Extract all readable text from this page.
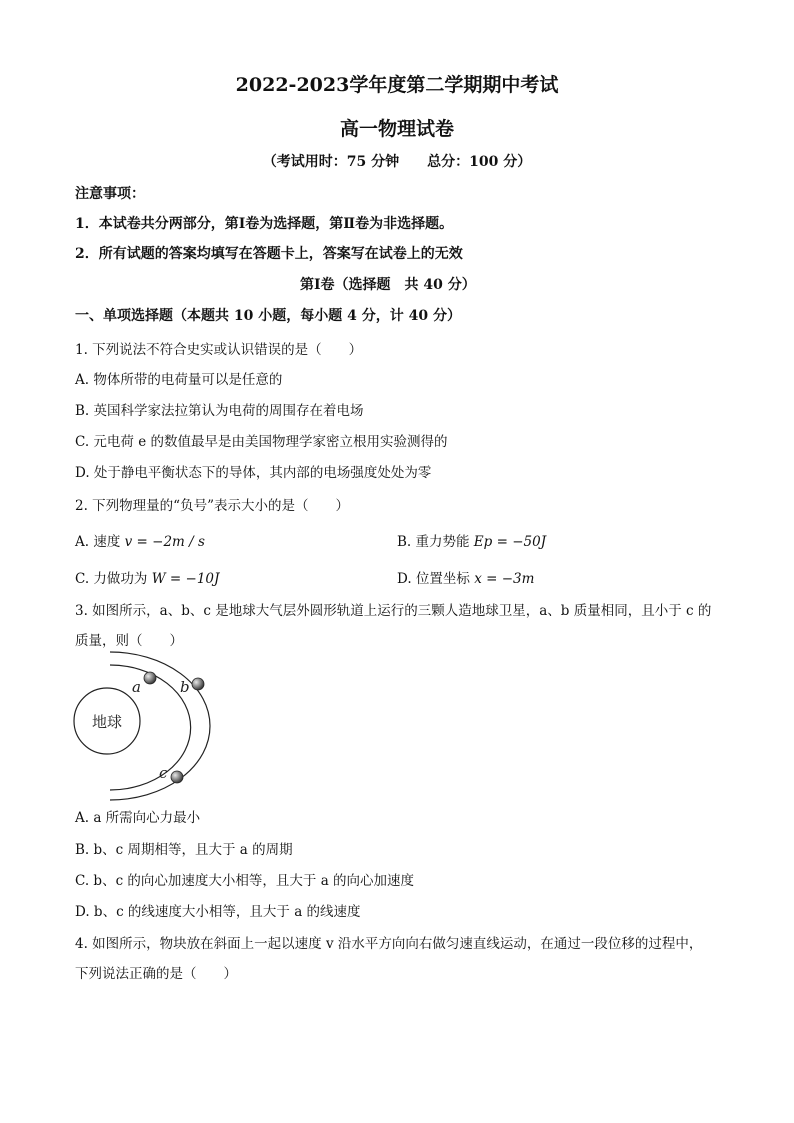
2022-2023学年度第二学期期中考试
高一物理试卷
（考试用时：75 分钟　　总分：100 分）
注意事项：
1．本试卷共分两部分，第Ⅰ卷为选择题，第Ⅱ卷为非选择题。
2．所有试题的答案均填写在答题卡上，答案写在试卷上的无效
第Ⅰ卷（选择题　共 40 分）
一、单项选择题（本题共 10 小题，每小题 4 分，计 40 分）
1. 下列说法不符合史实或认识错误的是（　　）
A. 物体所带的电荷量可以是任意的
B. 英国科学家法拉第认为电荷的周围存在着电场
C. 元电荷 e 的数值最早是由美国物理学家密立根用实验测得的
D. 处于静电平衡状态下的导体，其内部的电场强度处处为零
2. 下列物理量的“负号”表示大小的是（　　）
A. 速度 v = −2m / s	B. 重力势能 Ep = −50J
C. 力做功为 W = −10J	D. 位置坐标 x = −3m
3. 如图所示，a、b、c 是地球大气层外圆形轨道上运行的三颗人造地球卫星，a、b 质量相同，且小于 c 的
质量，则（　　）
地球
a	b
c
A. a 所需向心力最小
B. b、c 周期相等，且大于 a 的周期
C. b、c 的向心加速度大小相等，且大于 a 的向心加速度
D. b、c 的线速度大小相等，且大于 a 的线速度
4. 如图所示，物块放在斜面上一起以速度 v 沿水平方向向右做匀速直线运动，在通过一段位移的过程中，
下列说法正确的是（　　）
